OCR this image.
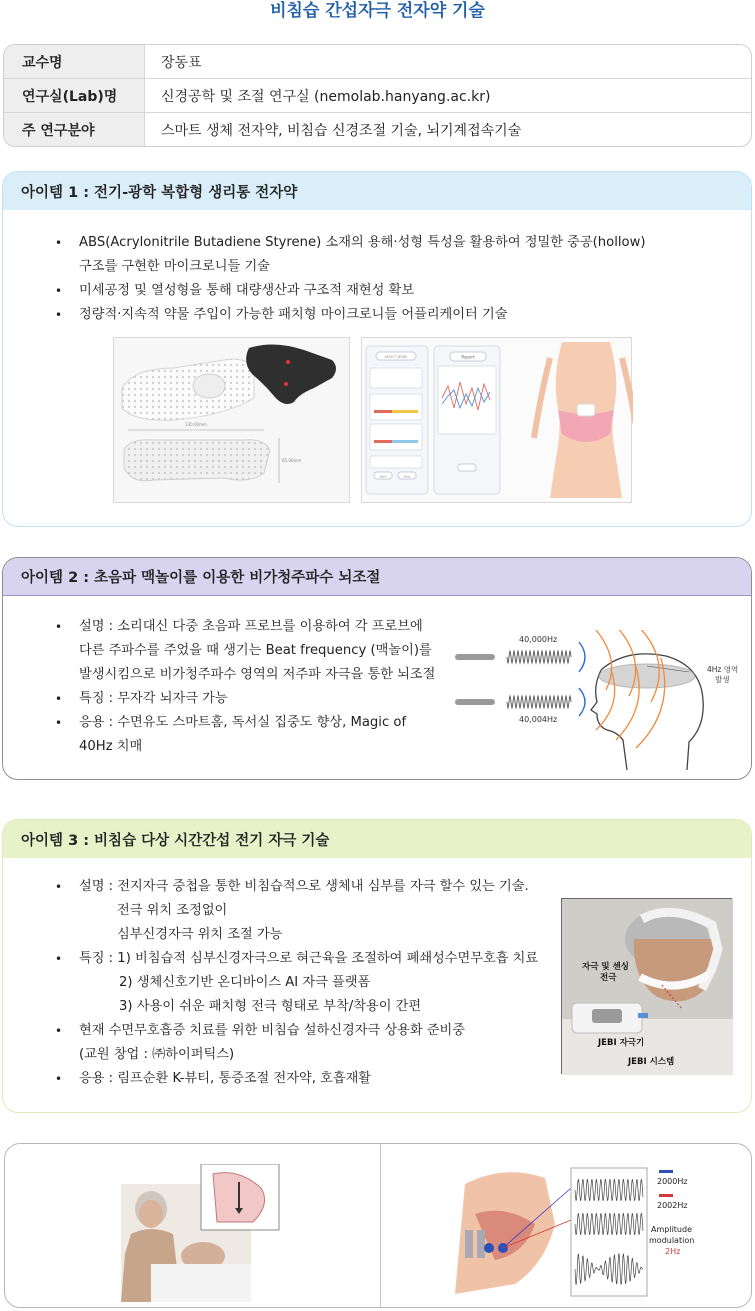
비침습 간섭자극 전자약 기술
교수명	장동표
연구실(Lab)명	신경공학 및 조절 연구실 (nemolab.hanyang.ac.kr)
주 연구분야	스마트 생체 전자약, 비침습 신경조절 기술, 뇌기계접속기술
아이템 1 : 전기-광학 복합형 생리통 전자약
• ABS(Acrylonitrile Butadiene Styrene) 소재의 용해·성형 특성을 활용하여 정밀한 중공(hollow)
구조를 구현한 마이크로니들 기술
• 미세공정 및 열성형을 통해 대량생산과 구조적 재현성 확보
• 정량적·지속적 약물 주입이 가능한 패치형 마이크로니들 어플리케이터 기술
130.00mm
65.00mm
SELECT MODE
Start	Stop
Report
아이템 2 : 초음파 맥놀이를 이용한 비가청주파수 뇌조절
• 설명 : 소리대신 다중 초음파 프로브를 이용하여 각 프로브에
다른 주파수를 주었을 때 생기는 Beat frequency (맥놀이)를
발생시킴으로 비가청주파수 영역의 저주파 자극을 통한 뇌조절
• 특징 : 무자각 뇌자극 가능
• 응용 : 수면유도 스마트홈, 독서실 집중도 향상, Magic of
40Hz 치매
40,000Hz
40,004Hz
4Hz 영역
발생
아이템 3 : 비침습 다상 시간간섭 전기 자극 기술
• 설명 : 전지자극 중첩을 통한 비침습적으로 생체내 심부를 자극 할수 있는 기술.
전극 위치 조정없이
심부신경자극 위치 조절 가능
• 특징 : 1) 비침습적 심부신경자극으로 혀근육을 조절하여 폐쇄성수면무호흡 치료
2) 생체신호기반 온디바이스 AI 자극 플랫폼
3) 사용이 쉬운 패치형 전극 형태로 부착/착용이 간편
• 현재 수면무호흡증 치료를 위한 비침습 설하신경자극 상용화 준비중
(교원 창업 : ㈜하이퍼틱스)
• 응용 : 림프순환 K-뷰티, 통증조절 전자약, 호흡재활
자극 및 센싱
전극
JEBI 자극기
JEBI 시스템
2000Hz
2002Hz
Amplitude
modulation
2Hz
